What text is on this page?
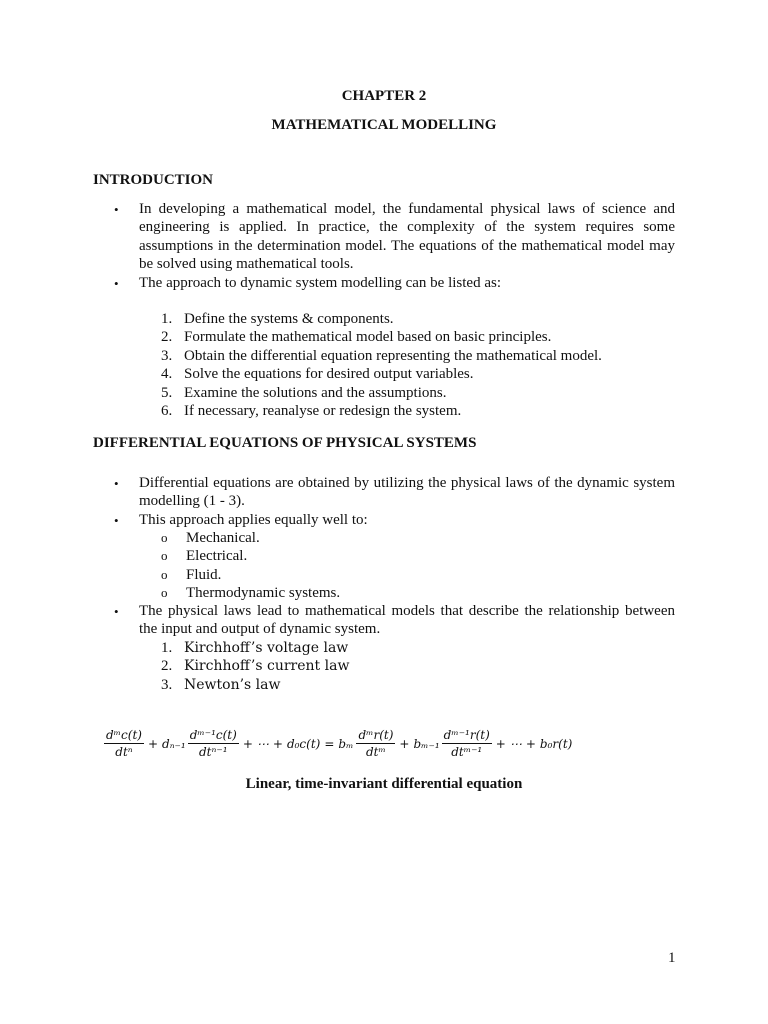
CHAPTER 2
MATHEMATICAL MODELLING
INTRODUCTION
• In developing a mathematical model, the fundamental physical laws of science and
engineering is applied. In practice, the complexity of the system requires some
assumptions in the determination model. The equations of the mathematical model may
be solved using mathematical tools.
• The approach to dynamic system modelling can be listed as:
1. Define the systems & components.
2. Formulate the mathematical model based on basic principles.
3. Obtain the differential equation representing the mathematical model.
4. Solve the equations for desired output variables.
5. Examine the solutions and the assumptions.
6. If necessary, reanalyse or redesign the system.
DIFFERENTIAL EQUATIONS OF PHYSICAL SYSTEMS
• Differential equations are obtained by utilizing the physical laws of the dynamic system
modelling (1 - 3).
• This approach applies equally well to:
o	Mechanical.
o	Electrical.
o	Fluid.
o	Thermodynamic systems.
• The physical laws lead to mathematical models that describe the relationship between
the input and output of dynamic system.
1. Kirchhoff’s voltage law
2. Kirchhoff’s current law
3. Newton’s law
$\frac{\text{dᵐc(t)}}{\text{dtⁿ}} + d_{n-1} \frac{\text{dᵐ⁻¹c(t)}}{\text{dtⁿ⁻¹}}$ + ⋯ + d₀c(t) = bₘ $\frac{\text{dᵐr(t)}}{\text{dtᵐ}} + b_{m-1} \frac{\text{dᵐ⁻¹r(t)}}{\text{dtᵐ⁻¹}}$ + ⋯ + b₀r(t)
Linear, time-invariant differential equation
1
